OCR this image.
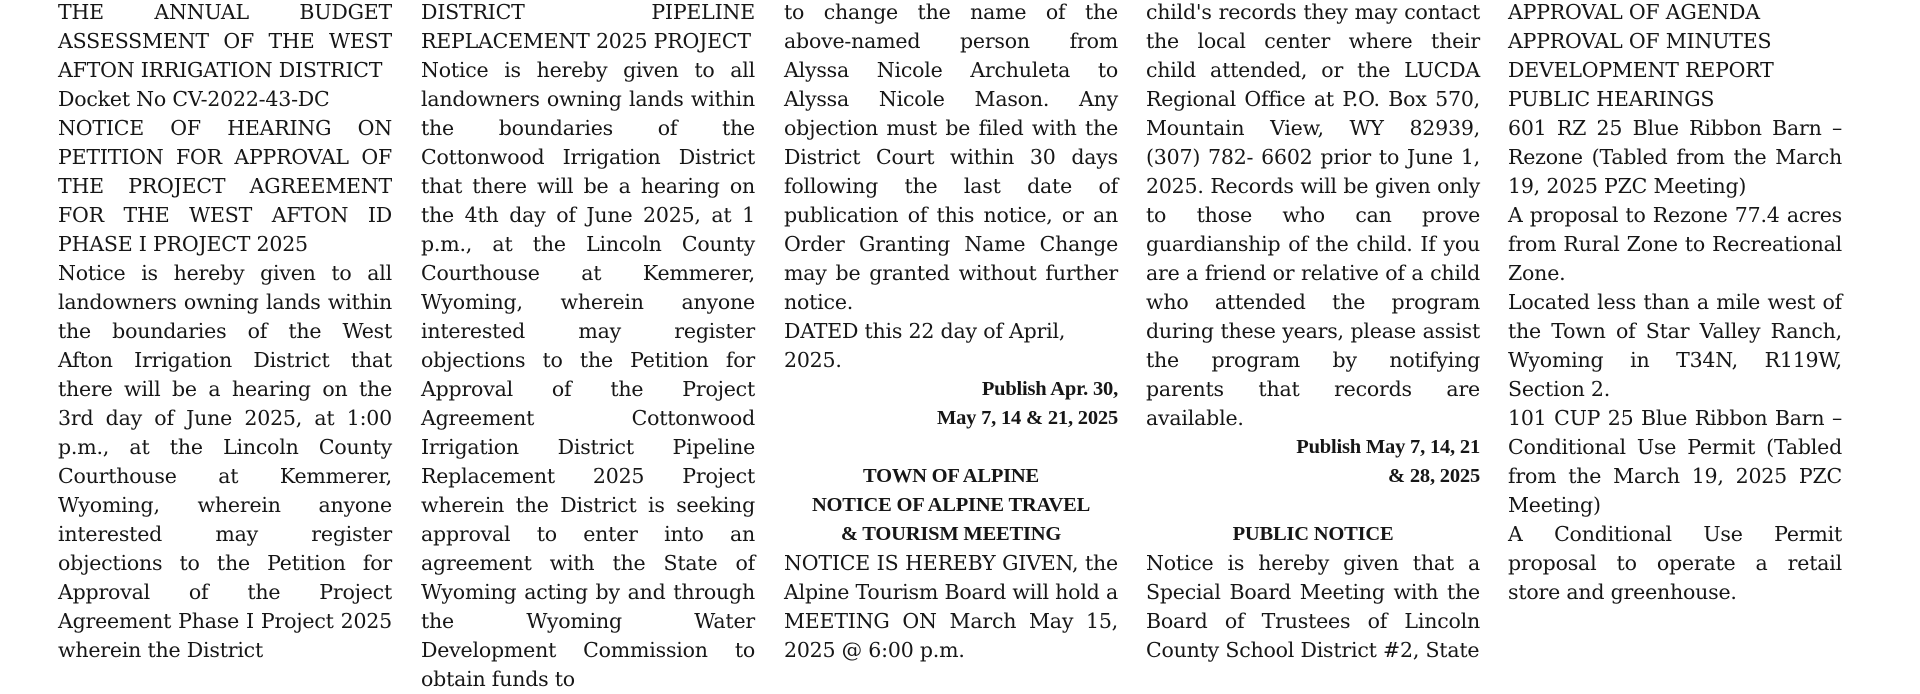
THE ANNUAL BUDGET ASSESSMENT OF THE WEST AFTON IRRIGATION DISTRICT

Docket No CV-2022-43-DC

NOTICE OF HEARING ON PETITION FOR APPROVAL OF THE PROJECT AGREEMENT FOR THE WEST AFTON ID PHASE I PROJECT 2025

Notice is hereby given to all landowners owning lands within the boundaries of the West Afton Irrigation District that there will be a hearing on the 3rd day of June 2025, at 1:00 p.m., at the Lincoln County Courthouse at Kemmerer, Wyoming, wherein anyone interested may register objections to the Petition for Approval of the Project Agreement Phase I Project 2025 wherein the District

DISTRICT PIPELINE REPLACEMENT 2025 PROJECT

Notice is hereby given to all landowners owning lands within the boundaries of the Cottonwood Irrigation District that there will be a hearing on the 4th day of June 2025, at 1 p.m., at the Lincoln County Courthouse at Kemmerer, Wyoming, wherein anyone interested may register objections to the Petition for Approval of the Project Agreement Cottonwood Irrigation District Pipeline Replacement 2025 Project wherein the District is seeking approval to enter into an agreement with the State of Wyoming acting by and through the Wyoming Water Development Commission to obtain funds to

to change the name of the above-named person from Alyssa Nicole Archuleta to Alyssa Nicole Mason. Any objection must be filed with the District Court within 30 days following the last date of publication of this notice, or an Order Granting Name Change may be granted without further notice.

DATED this 22 day of April, 2025.

Publish Apr. 30,

May 7, 14 & 21, 2025

TOWN OF ALPINE

NOTICE OF ALPINE TRAVEL

& TOURISM MEETING

NOTICE IS HEREBY GIVEN, the Alpine Tourism Board will hold a MEETING ON March May 15, 2025 @ 6:00 p.m.

child's records they may contact the local center where their child attended, or the LUCDA Regional Office at P.O. Box 570, Mountain View, WY 82939, (307) 782- 6602 prior to June 1, 2025. Records will be given only to those who can prove guardianship of the child. If you are a friend or relative of a child who attended the program during these years, please assist the program by notifying parents that records are available.

Publish May 7, 14, 21

& 28, 2025

PUBLIC NOTICE

Notice is hereby given that a Special Board Meeting with the Board of Trustees of Lincoln County School District #2, State

APPROVAL OF AGENDA

APPROVAL OF MINUTES

DEVELOPMENT REPORT

PUBLIC HEARINGS

601 RZ 25 Blue Ribbon Barn – Rezone (Tabled from the March 19, 2025 PZC Meeting)

A proposal to Rezone 77.4 acres from Rural Zone to Recreational Zone.

Located less than a mile west of the Town of Star Valley Ranch, Wyoming in T34N, R119W, Section 2.

101 CUP 25 Blue Ribbon Barn – Conditional Use Permit (Tabled from the March 19, 2025 PZC Meeting)

A Conditional Use Permit proposal to operate a retail store and greenhouse.
